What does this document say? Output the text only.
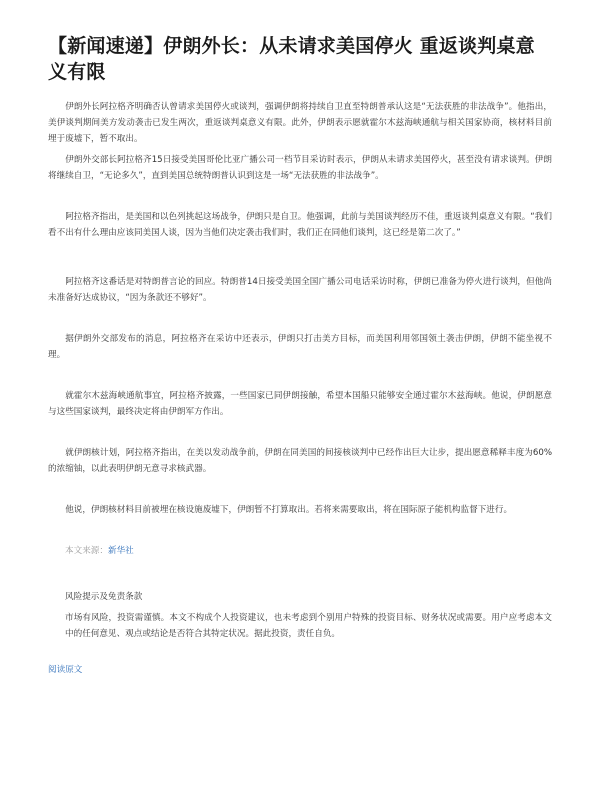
【新闻速递】伊朗外长：从未请求美国停火 重返谈判桌意义有限

伊朗外长阿拉格齐明确否认曾请求美国停火或谈判，强调伊朗将持续自卫直至特朗普承认这是“无法获胜的非法战争”。他指出，美伊谈判期间美方发动袭击已发生两次，重返谈判桌意义有限。此外，伊朗表示愿就霍尔木兹海峡通航与相关国家协商，核材料目前埋于废墟下，暂不取出。

伊朗外交部长阿拉格齐15日接受美国哥伦比亚广播公司一档节目采访时表示，伊朗从未请求美国停火，甚至没有请求谈判。伊朗将继续自卫，“无论多久”，直到美国总统特朗普认识到这是一场“无法获胜的非法战争”。

阿拉格齐指出，是美国和以色列挑起这场战争，伊朗只是自卫。他强调，此前与美国谈判经历不佳，重返谈判桌意义有限。“我们看不出有什么理由应该同美国人谈，因为当他们决定袭击我们时，我们正在同他们谈判，这已经是第二次了。”

阿拉格齐这番话是对特朗普言论的回应。特朗普14日接受美国全国广播公司电话采访时称，伊朗已准备为停火进行谈判，但他尚未准备好达成协议，“因为条款还不够好”。

据伊朗外交部发布的消息，阿拉格齐在采访中还表示，伊朗只打击美方目标，而美国利用邻国领土袭击伊朗，伊朗不能坐视不理。

就霍尔木兹海峡通航事宜，阿拉格齐披露，一些国家已同伊朗接触，希望本国船只能够安全通过霍尔木兹海峡。他说，伊朗愿意与这些国家谈判，最终决定将由伊朗军方作出。

就伊朗核计划，阿拉格齐指出，在美以发动战争前，伊朗在同美国的间接核谈判中已经作出巨大让步，提出愿意稀释丰度为60%的浓缩铀，以此表明伊朗无意寻求核武器。

他说，伊朗核材料目前被埋在核设施废墟下，伊朗暂不打算取出。若将来需要取出，将在国际原子能机构监督下进行。

本文来源：新华社

风险提示及免责条款

市场有风险，投资需谨慎。本文不构成个人投资建议，也未考虑到个别用户特殊的投资目标、财务状况或需要。用户应考虑本文中的任何意见、观点或结论是否符合其特定状况。据此投资，责任自负。

阅读原文
